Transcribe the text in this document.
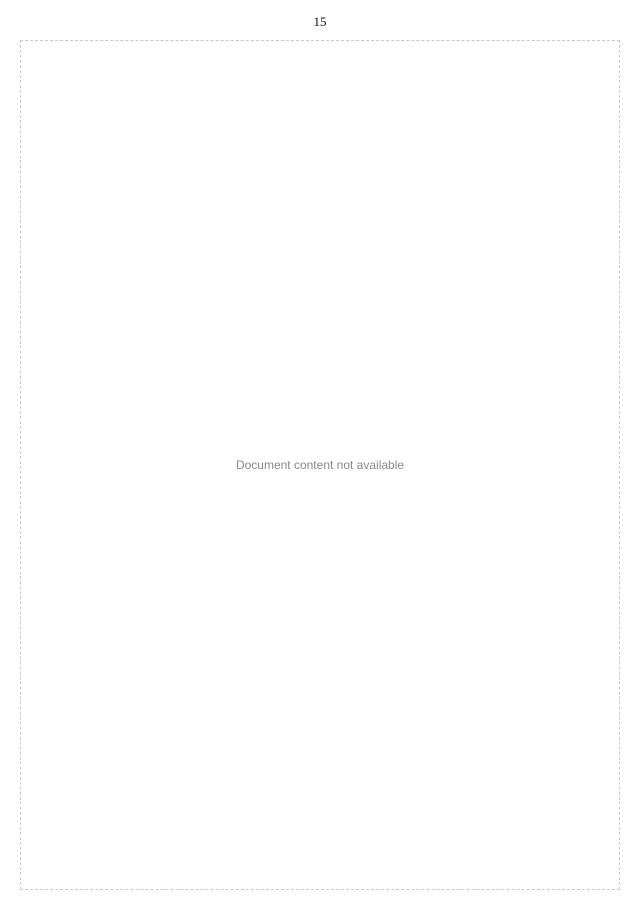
15
Document content not available
